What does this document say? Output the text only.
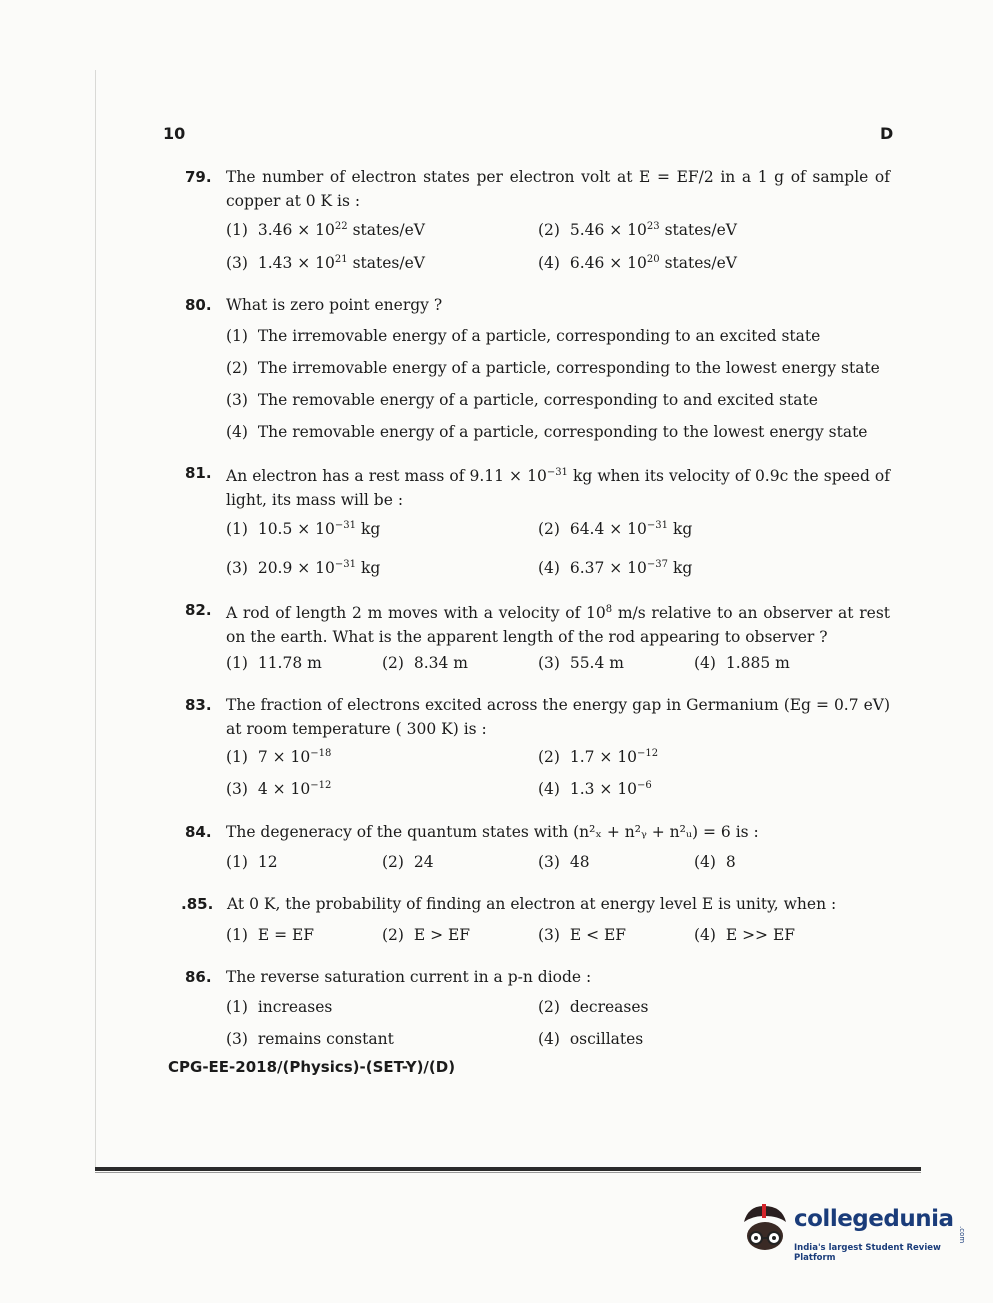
10	D
79. The number of electron states per electron volt at E = EF/2 in a 1 g of sample of copper at 0 K is :
(1) $3.46 \times 10^{22}$ states/eV	(2) $5.46 \times 10^{23}$ states/eV
(3) $1.43 \times 10^{21}$ states/eV	(4) $6.46 \times 10^{20}$ states/eV
80. What is zero point energy ?
(1) The irremovable energy of a particle, corresponding to an excited state
(2) The irremovable energy of a particle, corresponding to the lowest energy state
(3) The removable energy of a particle, corresponding to and excited state
(4) The removable energy of a particle, corresponding to the lowest energy state
81. An electron has a rest mass of $9.11 \times 10^{-31}$ kg when its velocity of 0.9c the speed of light, its mass will be :
(1) $10.5 \times 10^{-31}$ kg	(2) $64.4 \times 10^{-31}$ kg
(3) $20.9 \times 10^{-31}$ kg	(4) $6.37 \times 10^{-37}$ kg
82. A rod of length 2 m moves with a velocity of $10^8$ m/s relative to an observer at rest on the earth. What is the apparent length of the rod appearing to observer ?
(1) 11.78 m	(2) 8.34 m	(3) 55.4 m	(4) 1.885 m
83. The fraction of electrons excited across the energy gap in Germanium (Eg = 0.7 eV) at room temperature ( 300 K) is :
(1) $7 \times 10^{-18}$	(2) $1.7 \times 10^{-12}$
(3) $4 \times 10^{-12}$	(4) $1.3 \times 10^{-6}$
84. The degeneracy of the quantum states with (n²ₓ + n²ᵧ + n²ᵤ) = 6 is :
(1) 12	(2) 24	(3) 48	(4) 8
.85. At 0 K, the probability of finding an electron at energy level E is unity, when :
(1) E = EF	(2) E > EF	(3) E < EF	(4) E >> EF
86. The reverse saturation current in a p-n diode :
(1) increases	(2) decreases
(3) remains constant	(4) oscillates
CPG-EE-2018/(Physics)-(SET-Y)/(D)
collegedunia
.com
India's largest Student Review Platform
